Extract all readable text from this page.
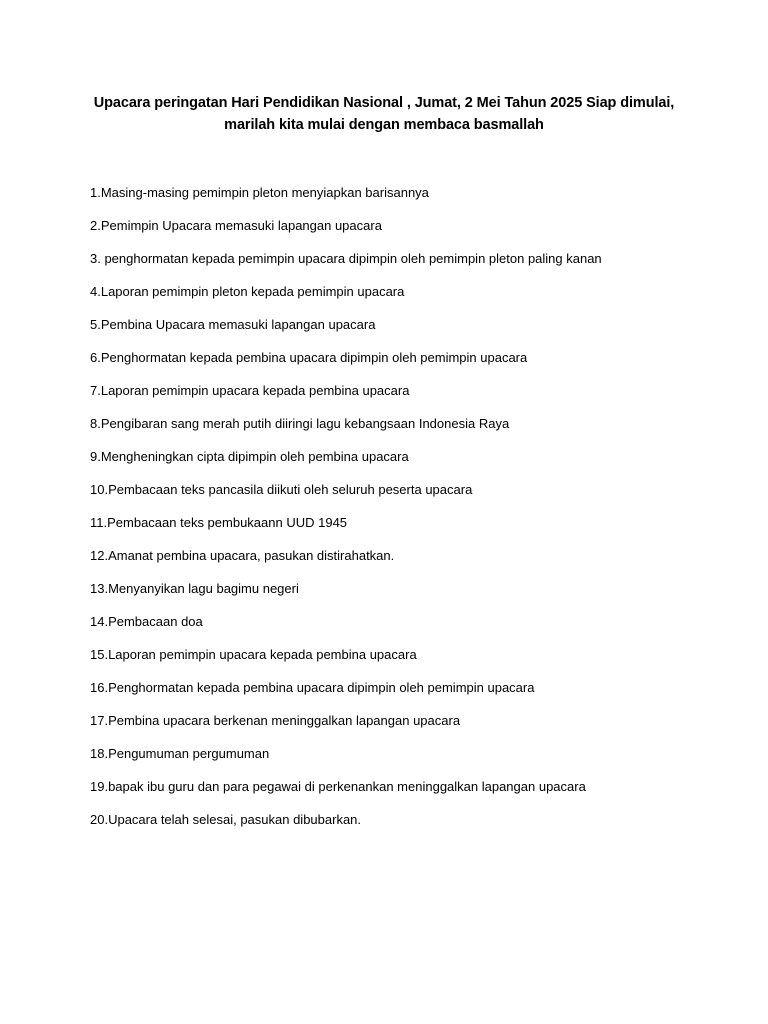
Upacara peringatan Hari Pendidikan Nasional , Jumat, 2 Mei Tahun 2025 Siap dimulai,
marilah kita mulai dengan membaca basmallah
1.Masing-masing pemimpin pleton menyiapkan barisannya
2.Pemimpin Upacara memasuki lapangan upacara
3. penghormatan kepada pemimpin upacara dipimpin oleh pemimpin pleton paling kanan
4.Laporan pemimpin pleton kepada pemimpin upacara
5.Pembina Upacara memasuki lapangan upacara
6.Penghormatan kepada pembina upacara dipimpin oleh pemimpin upacara
7.Laporan pemimpin upacara kepada pembina upacara
8.Pengibaran sang merah putih diiringi lagu kebangsaan Indonesia Raya
9.Mengheningkan cipta dipimpin oleh pembina upacara
10.Pembacaan teks pancasila diikuti oleh seluruh peserta upacara
11.Pembacaan teks pembukaann UUD 1945
12.Amanat pembina upacara, pasukan distirahatkan.
13.Menyanyikan lagu bagimu negeri
14.Pembacaan doa
15.Laporan pemimpin upacara kepada pembina upacara
16.Penghormatan kepada pembina upacara dipimpin oleh pemimpin upacara
17.Pembina upacara berkenan meninggalkan lapangan upacara
18.Pengumuman pergumuman
19.bapak ibu guru dan para pegawai di perkenankan meninggalkan lapangan upacara
20.Upacara telah selesai, pasukan dibubarkan.
